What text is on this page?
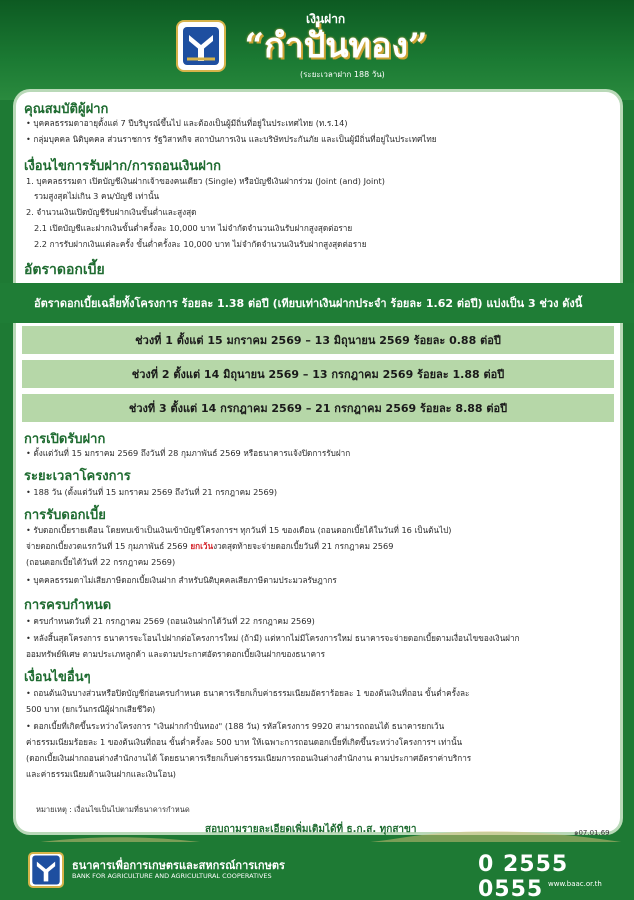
เงินฝาก
“กำปั่นทอง”
(ระยะเวลาฝาก 188 วัน)
คุณสมบัติผู้ฝาก
• บุคคลธรรมดาอายุตั้งแต่ 7 ปีบริบูรณ์ขึ้นไป และต้องเป็นผู้มีถิ่นที่อยู่ในประเทศไทย (ท.ร.14)
• กลุ่มบุคคล นิติบุคคล ส่วนราชการ รัฐวิสาหกิจ สถาบันการเงิน และบริษัทประกันภัย และเป็นผู้มีถิ่นที่อยู่ในประเทศไทย
เงื่อนไขการรับฝาก/การถอนเงินฝาก
1. บุคคลธรรมดา เปิดบัญชีเงินฝากเจ้าของคนเดียว (Single) หรือบัญชีเงินฝากร่วม (Joint (and) Joint)
รวมสูงสุดไม่เกิน 3 คน/บัญชี เท่านั้น
2. จำนวนเงินเปิดบัญชีรับฝากเงินขั้นต่ำและสูงสุด
2.1 เปิดบัญชีและฝากเงินขั้นต่ำครั้งละ 10,000 บาท ไม่จำกัดจำนวนเงินรับฝากสูงสุดต่อราย
2.2 การรับฝากเงินแต่ละครั้ง ขั้นต่ำครั้งละ 10,000 บาท ไม่จำกัดจำนวนเงินรับฝากสูงสุดต่อราย
อัตราดอกเบี้ย
อัตราดอกเบี้ยเฉลี่ยทั้งโครงการ ร้อยละ 1.38 ต่อปี (เทียบเท่าเงินฝากประจำ ร้อยละ 1.62 ต่อปี) แบ่งเป็น 3 ช่วง ดังนี้
ช่วงที่ 1 ตั้งแต่ 15 มกราคม 2569 – 13 มิถุนายน 2569 ร้อยละ 0.88 ต่อปี
ช่วงที่ 2 ตั้งแต่ 14 มิถุนายน 2569 – 13 กรกฎาคม 2569 ร้อยละ 1.88 ต่อปี
ช่วงที่ 3 ตั้งแต่ 14 กรกฎาคม 2569 – 21 กรกฎาคม 2569 ร้อยละ 8.88 ต่อปี
การเปิดรับฝาก
• ตั้งแต่วันที่ 15 มกราคม 2569 ถึงวันที่ 28 กุมภาพันธ์ 2569 หรือธนาคารแจ้งปิดการรับฝาก
ระยะเวลาโครงการ
• 188 วัน (ตั้งแต่วันที่ 15 มกราคม 2569 ถึงวันที่ 21 กรกฎาคม 2569)
การรับดอกเบี้ย
• รับดอกเบี้ยรายเดือน โดยทบเข้าเป็นเงินเข้าบัญชีโครงการฯ ทุกวันที่ 15 ของเดือน (ถอนดอกเบี้ยได้ในวันที่ 16 เป็นต้นไป)
จ่ายดอกเบี้ยงวดแรกวันที่ 15 กุมภาพันธ์ 2569 ยกเว้นงวดสุดท้ายจะจ่ายดอกเบี้ยวันที่ 21 กรกฎาคม 2569
(ถอนดอกเบี้ยได้วันที่ 22 กรกฎาคม 2569)
• บุคคลธรรมดาไม่เสียภาษีดอกเบี้ยเงินฝาก สำหรับนิติบุคคลเสียภาษีตามประมวลรัษฎากร
การครบกำหนด
• ครบกำหนดวันที่ 21 กรกฎาคม 2569 (ถอนเงินฝากได้วันที่ 22 กรกฎาคม 2569)
• หลังสิ้นสุดโครงการ ธนาคารจะโอนไปฝากต่อโครงการใหม่ (ถ้ามี) แต่หากไม่มีโครงการใหม่ ธนาคารจะจ่ายดอกเบี้ยตามเงื่อนไขของเงินฝาก
ออมทรัพย์พิเศษ ตามประเภทลูกค้า และตามประกาศอัตราดอกเบี้ยเงินฝากของธนาคาร
เงื่อนไขอื่นๆ
• ถอนต้นเงินบางส่วนหรือปิดบัญชีก่อนครบกำหนด ธนาคารเรียกเก็บค่าธรรมเนียมอัตราร้อยละ 1 ของต้นเงินที่ถอน ขั้นต่ำครั้งละ
500 บาท (ยกเว้นกรณีผู้ฝากเสียชีวิต)
• ดอกเบี้ยที่เกิดขึ้นระหว่างโครงการ "เงินฝากกำปั่นทอง" (188 วัน) รหัสโครงการ 9920 สามารถถอนได้ ธนาคารยกเว้น
ค่าธรรมเนียมร้อยละ 1 ของต้นเงินที่ถอน ขั้นต่ำครั้งละ 500 บาท ให้เฉพาะการถอนดอกเบี้ยที่เกิดขึ้นระหว่างโครงการฯ เท่านั้น
(ดอกเบี้ยเงินฝากถอนต่างสำนักงานได้ โดยธนาคารเรียกเก็บค่าธรรมเนียมการถอนเงินต่างสำนักงาน ตามประกาศอัตราค่าบริการ
และค่าธรรมเนียมด้านเงินฝากและเงินโอน)
หมายเหตุ : เงื่อนไขเป็นไปตามที่ธนาคารกำหนด
สอบถามรายละเอียดเพิ่มเติมได้ที่ ธ.ก.ส. ทุกสาขา	๑07.01.69
ธนาคารเพื่อการเกษตรและสหกรณ์การเกษตร
BANK FOR AGRICULTURE AND AGRICULTURAL COOPERATIVES	0 2555 0555 www.baac.or.th
